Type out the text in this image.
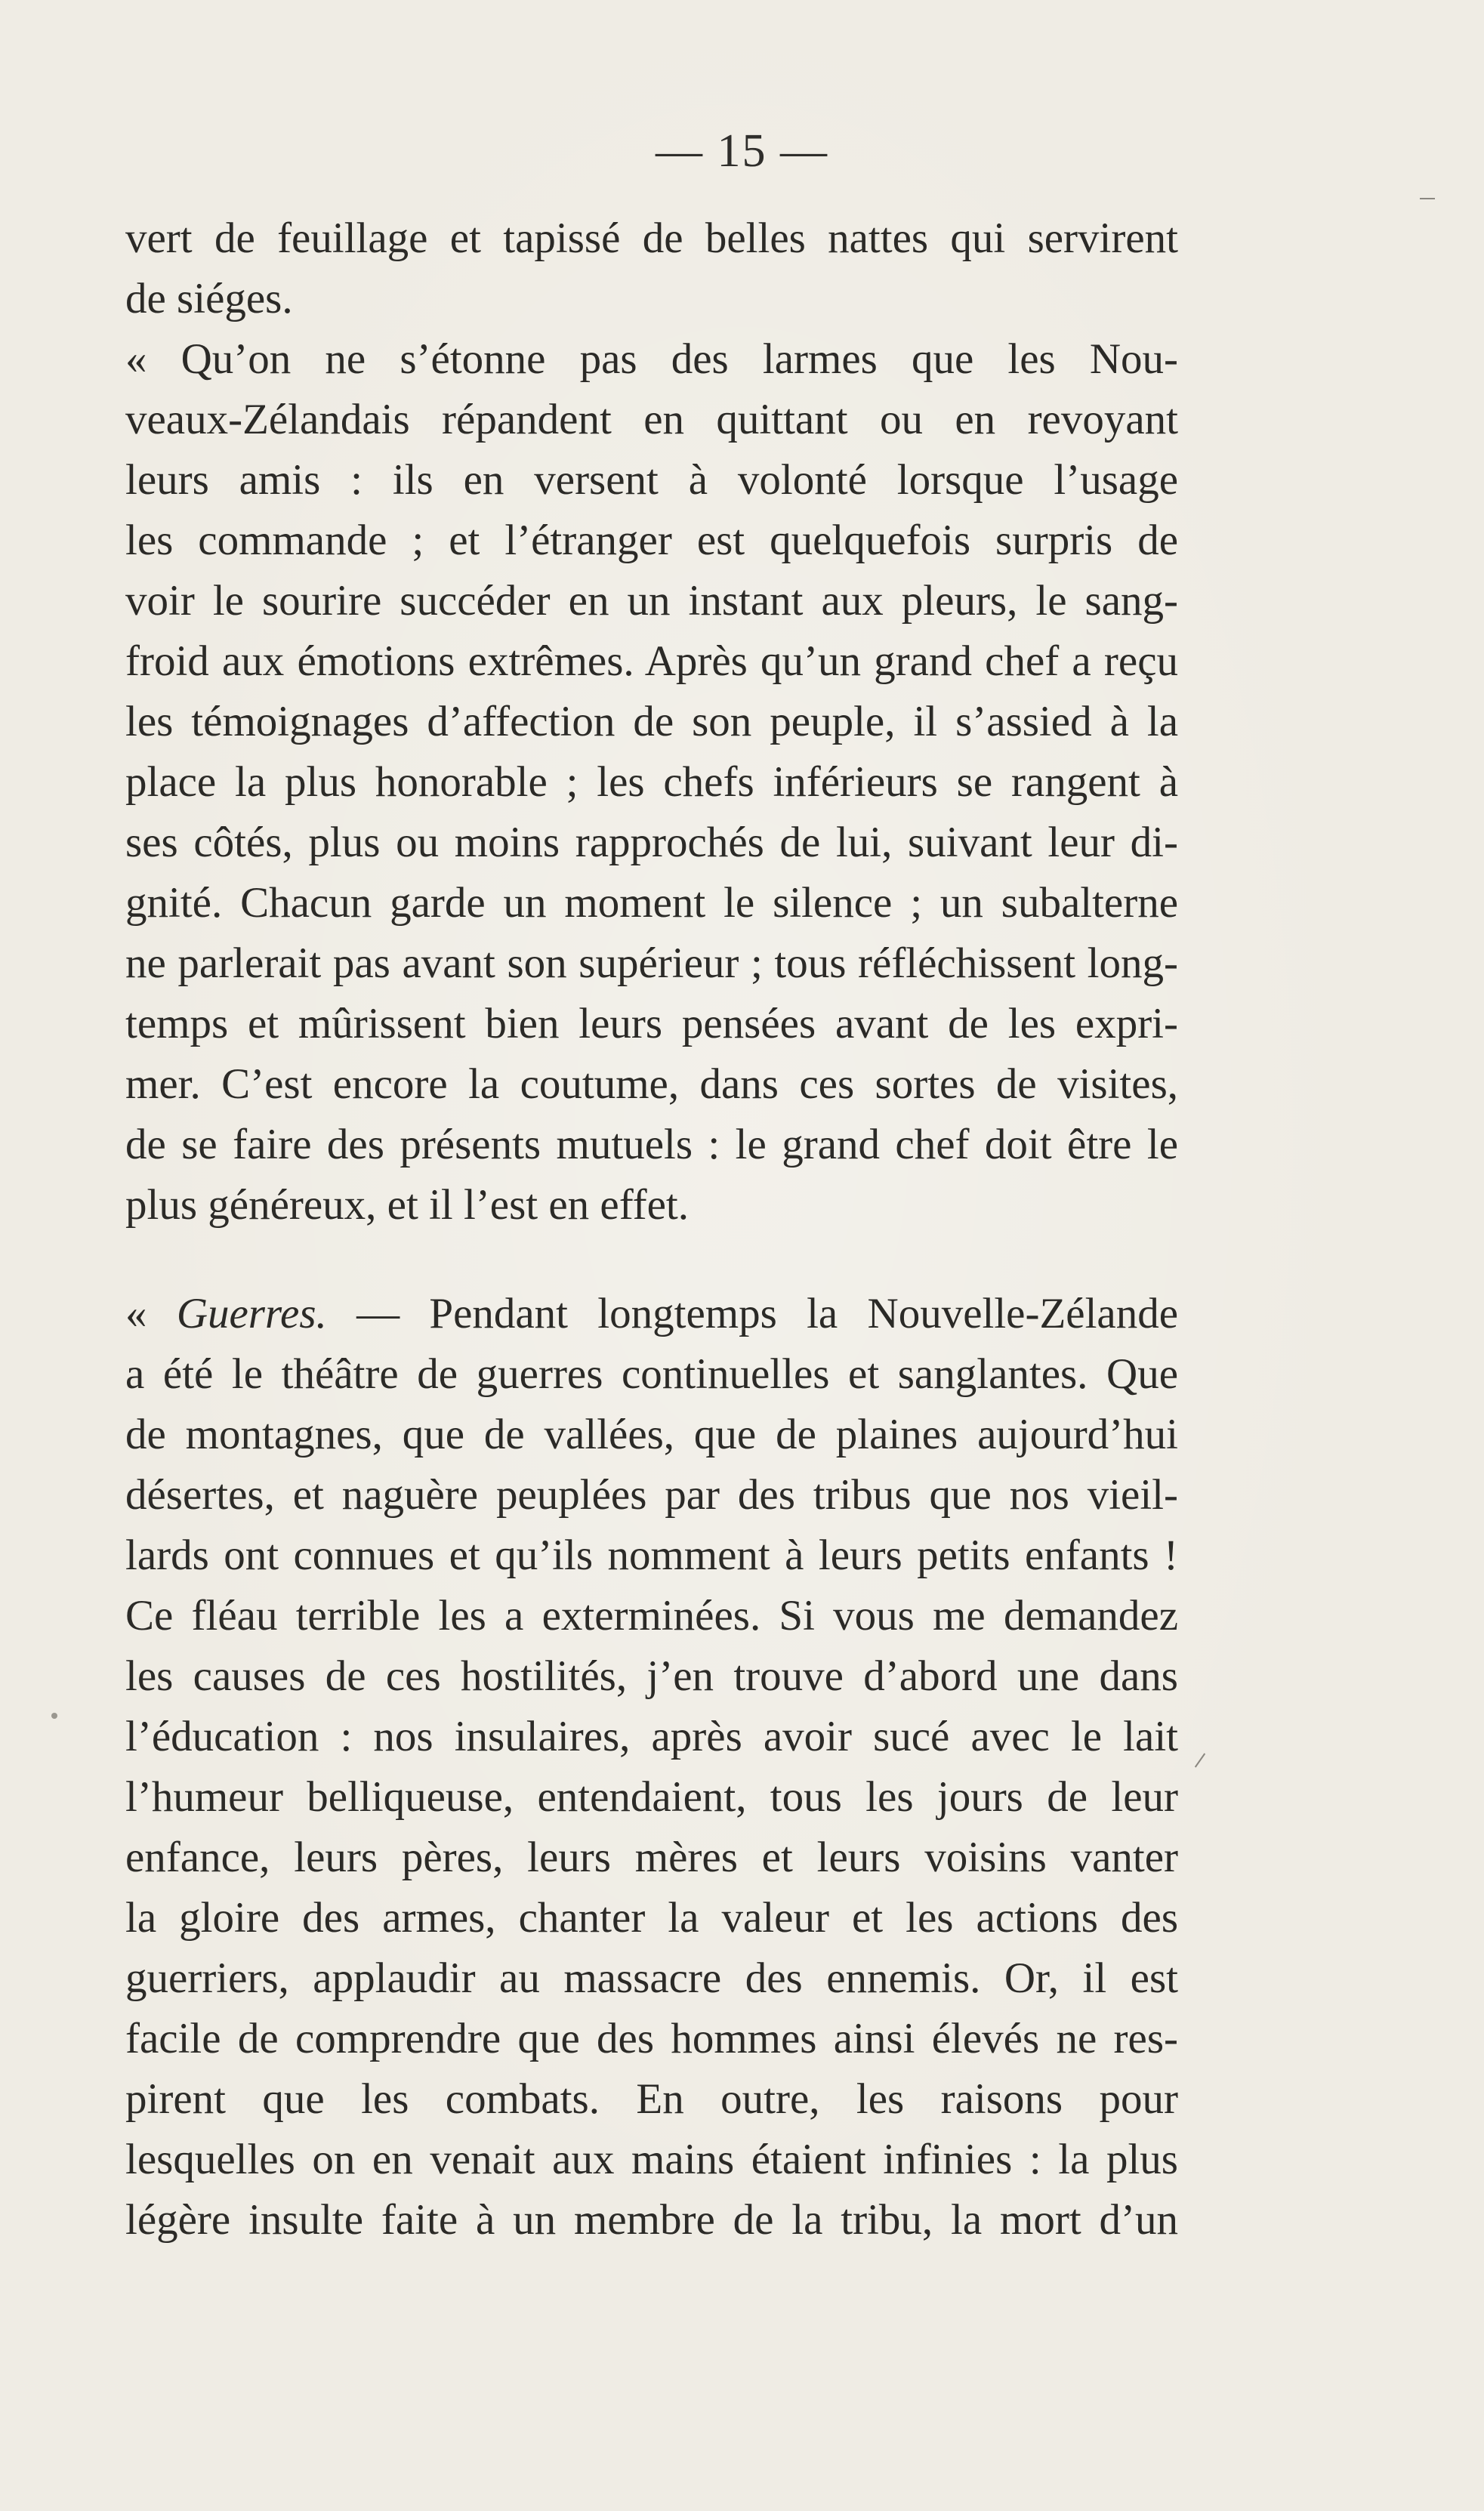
— 15 —
vert de feuillage et tapissé de belles nattes qui servirent
de siéges.
« Qu’on ne s’étonne pas des larmes que les Nou-
veaux-Zélandais répandent en quittant ou en revoyant
leurs amis : ils en versent à volonté lorsque l’usage
les commande ; et l’étranger est quelquefois surpris de
voir le sourire succéder en un instant aux pleurs, le sang-
froid aux émotions extrêmes. Après qu’un grand chef a reçu
les témoignages d’affection de son peuple, il s’assied à la
place la plus honorable ; les chefs inférieurs se rangent à
ses côtés, plus ou moins rapprochés de lui, suivant leur di-
gnité. Chacun garde un moment le silence ; un subalterne
ne parlerait pas avant son supérieur ; tous réfléchissent long-
temps et mûrissent bien leurs pensées avant de les expri-
mer. C’est encore la coutume, dans ces sortes de visites,
de se faire des présents mutuels : le grand chef doit être le
plus généreux, et il l’est en effet.
« Guerres. — Pendant longtemps la Nouvelle-Zélande
a été le théâtre de guerres continuelles et sanglantes. Que
de montagnes, que de vallées, que de plaines aujourd’hui
désertes, et naguère peuplées par des tribus que nos vieil-
lards ont connues et qu’ils nomment à leurs petits enfants !
Ce fléau terrible les a exterminées. Si vous me demandez
les causes de ces hostilités, j’en trouve d’abord une dans
l’éducation : nos insulaires, après avoir sucé avec le lait
l’humeur belliqueuse, entendaient, tous les jours de leur
enfance, leurs pères, leurs mères et leurs voisins vanter
la gloire des armes, chanter la valeur et les actions des
guerriers, applaudir au massacre des ennemis. Or, il est
facile de comprendre que des hommes ainsi élevés ne res-
pirent que les combats. En outre, les raisons pour
lesquelles on en venait aux mains étaient infinies : la plus
légère insulte faite à un membre de la tribu, la mort d’un
